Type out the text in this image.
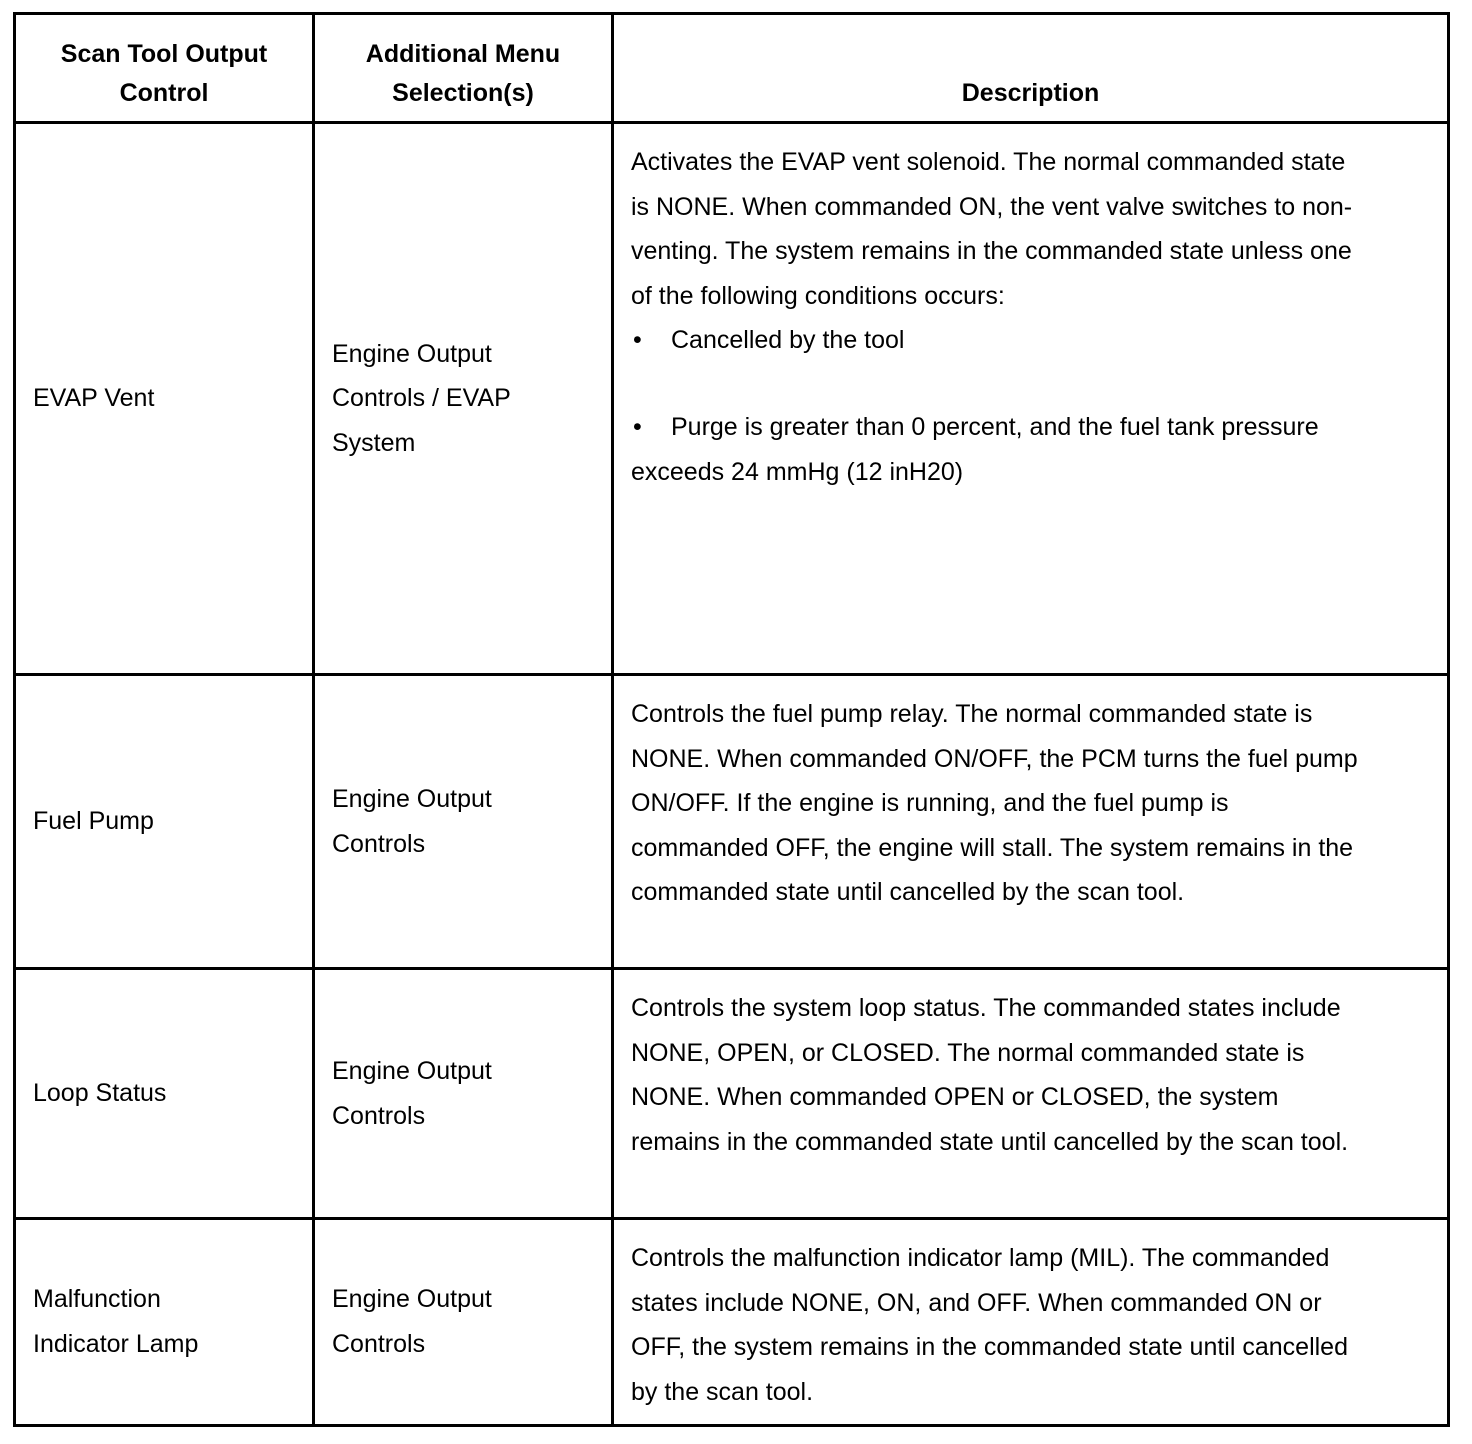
Scan Tool Output Control	Additional Menu Selection(s)	Description

EVAP Vent	Engine Output Controls / EVAP System	Activates the EVAP vent solenoid. The normal commanded state is NONE. When commanded ON, the vent valve switches to non-venting. The system remains in the commanded state unless one of the following conditions occurs:
• Cancelled by the tool
• Purge is greater than 0 percent, and the fuel tank pressure exceeds 24 mmHg (12 inH20)

Fuel Pump	Engine Output Controls	Controls the fuel pump relay. The normal commanded state is NONE. When commanded ON/OFF, the PCM turns the fuel pump ON/OFF. If the engine is running, and the fuel pump is commanded OFF, the engine will stall. The system remains in the commanded state until cancelled by the scan tool.

Loop Status	Engine Output Controls	Controls the system loop status. The commanded states include NONE, OPEN, or CLOSED. The normal commanded state is NONE. When commanded OPEN or CLOSED, the system remains in the commanded state until cancelled by the scan tool.

Malfunction Indicator Lamp	Engine Output Controls	Controls the malfunction indicator lamp (MIL). The commanded states include NONE, ON, and OFF. When commanded ON or OFF, the system remains in the commanded state until cancelled by the scan tool.
